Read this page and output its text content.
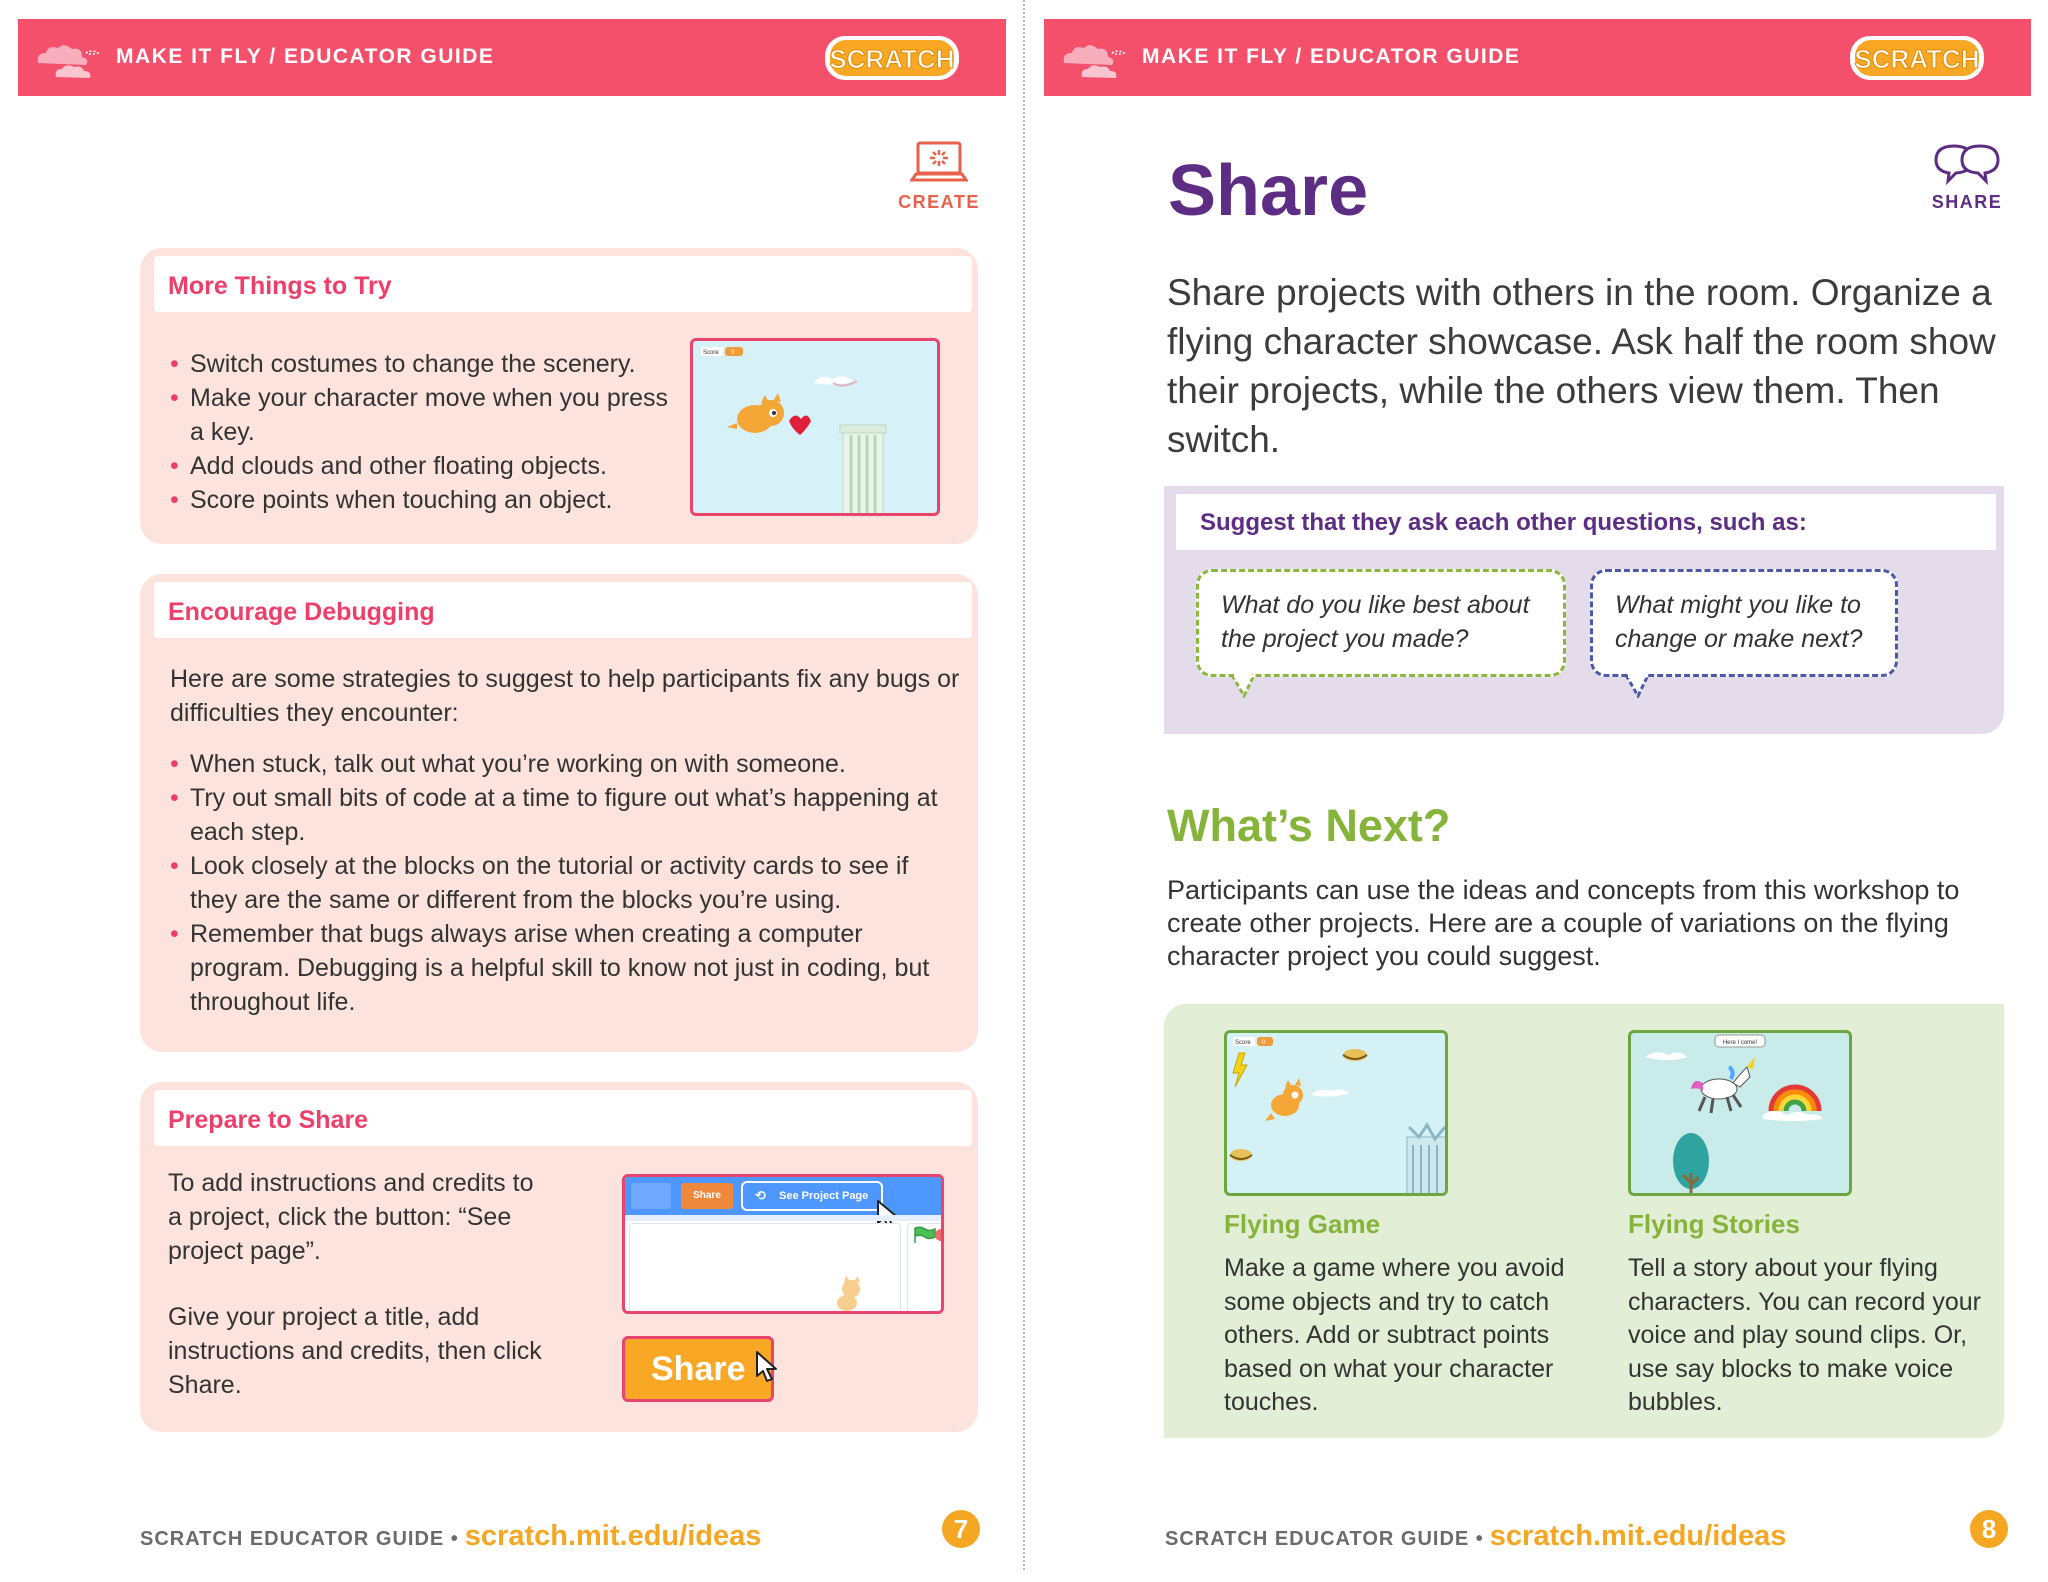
MAKE IT FLY / EDUCATOR GUIDE	SCRATCH
CREATE
More Things to Try
• Switch costumes to change the scenery.
• Make your character move when you press a key.
• Add clouds and other floating objects.
• Score points when touching an object.
Score 0
Encourage Debugging
Here are some strategies to suggest to help participants fix any bugs or difficulties they encounter:
• When stuck, talk out what you’re working on with someone.
• Try out small bits of code at a time to figure out what’s happening at each step.
• Look closely at the blocks on the tutorial or activity cards to see if they are the same or different from the blocks you’re using.
• Remember that bugs always arise when creating a computer program. Debugging is a helpful skill to know not just in coding, but throughout life.
Prepare to Share
To add instructions and credits to a project, click the button: “See project page”.
Give your project a title, add instructions and credits, then click Share.
Share	⟲ See Project Page
Share
SCRATCH EDUCATOR GUIDE • scratch.mit.edu/ideas	7
MAKE IT FLY / EDUCATOR GUIDE	SCRATCH
SHARE
Share
Share projects with others in the room. Organize a flying character showcase. Ask half the room show their projects, while the others view them. Then switch.
Suggest that they ask each other questions, such as:
What do you like best about the project you made?
What might you like to change or make next?
What’s Next?
Participants can use the ideas and concepts from this workshop to create other projects. Here are a couple of variations on the flying character project you could suggest.
Score 0
Flying Game
Make a game where you avoid some objects and try to catch others. Add or subtract points based on what your character touches.
Here I come!
Flying Stories
Tell a story about your flying characters. You can record your voice and play sound clips. Or, use say blocks to make voice bubbles.
SCRATCH EDUCATOR GUIDE • scratch.mit.edu/ideas	8
